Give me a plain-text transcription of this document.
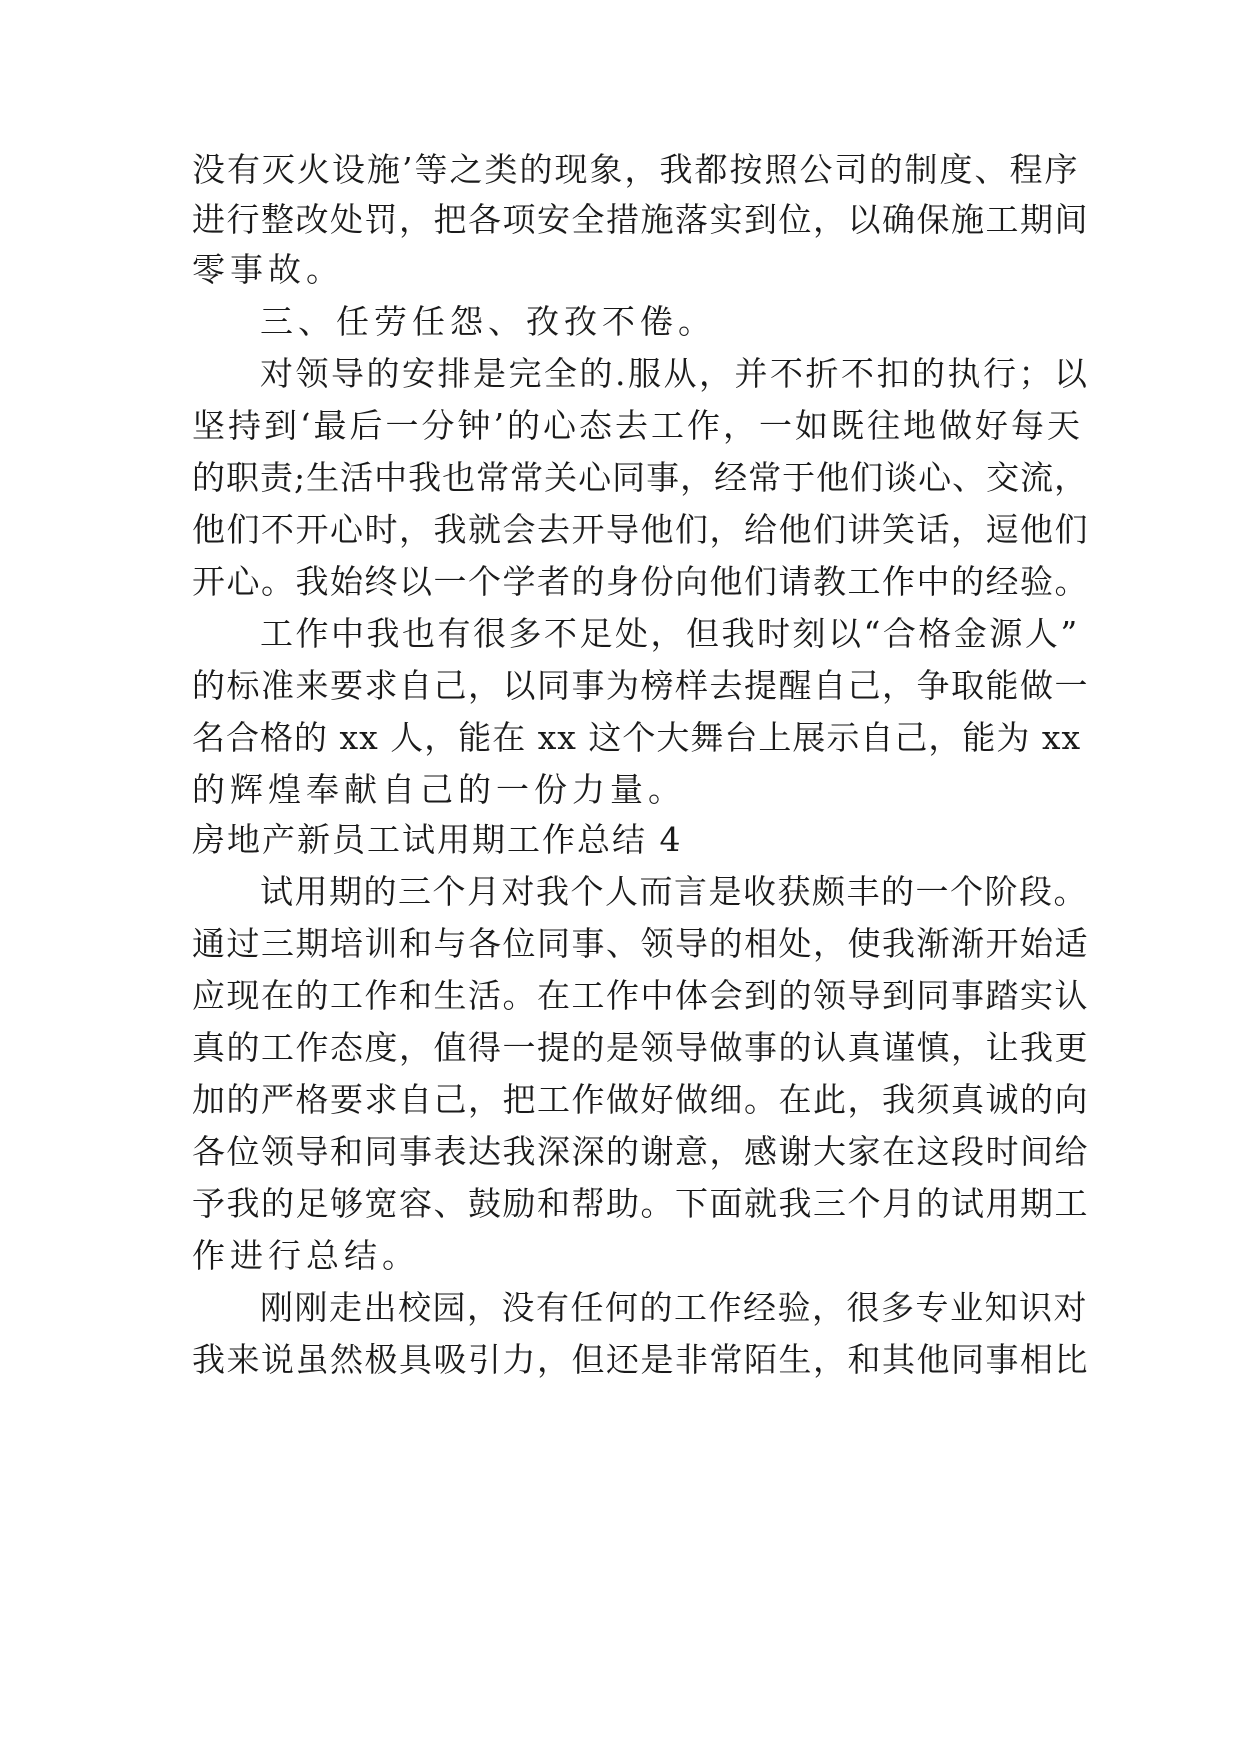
没有灭火设施’等之类的现象，我都按照公司的制度、程序

进行整改处罚，把各项安全措施落实到位，以确保施工期间

零事故。

三、任劳任怨、孜孜不倦。

对领导的安排是完全的.服从，并不折不扣的执行；以

坚持到‘最后一分钟’的心态去工作，一如既往地做好每天

的职责;生活中我也常常关心同事，经常于他们谈心、交流，

他们不开心时，我就会去开导他们，给他们讲笑话，逗他们

开心。我始终以一个学者的身份向他们请教工作中的经验。

工作中我也有很多不足处，但我时刻以“合格金源人”

的标准来要求自己，以同事为榜样去提醒自己，争取能做一

名合格的 xx 人，能在 xx 这个大舞台上展示自己，能为 xx

的辉煌奉献自己的一份力量。

房地产新员工试用期工作总结 4

试用期的三个月对我个人而言是收获颇丰的一个阶段。

通过三期培训和与各位同事、领导的相处，使我渐渐开始适

应现在的工作和生活。在工作中体会到的领导到同事踏实认

真的工作态度，值得一提的是领导做事的认真谨慎，让我更

加的严格要求自己，把工作做好做细。在此，我须真诚的向

各位领导和同事表达我深深的谢意，感谢大家在这段时间给

予我的足够宽容、鼓励和帮助。下面就我三个月的试用期工

作进行总结。

刚刚走出校园，没有任何的工作经验，很多专业知识对

我来说虽然极具吸引力，但还是非常陌生，和其他同事相比
